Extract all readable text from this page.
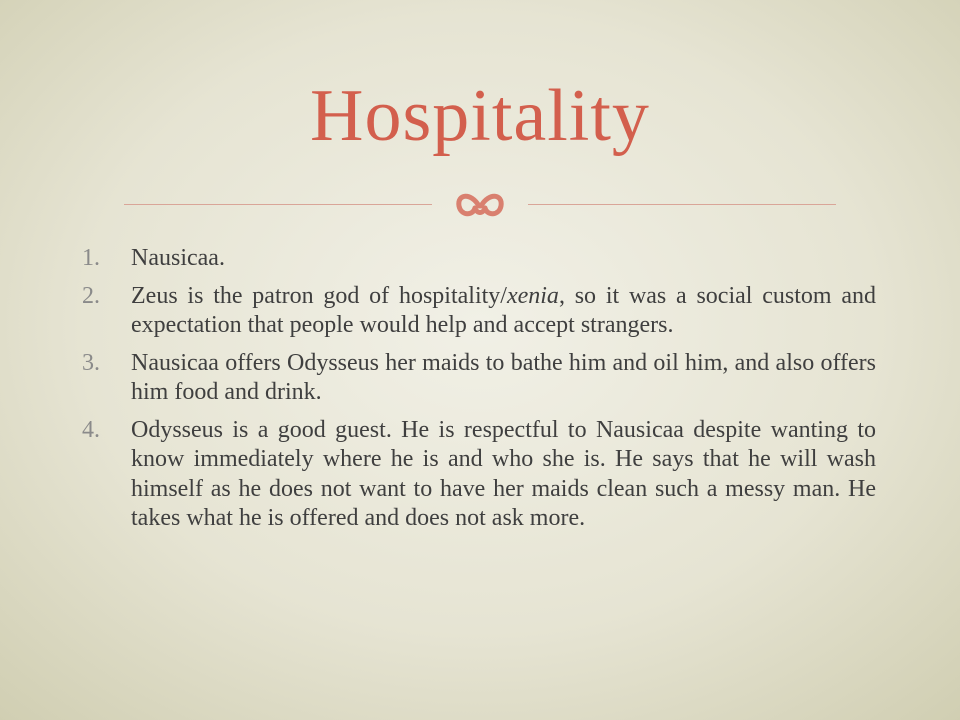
Hospitality
1. Nausicaa.
2. Zeus is the patron god of hospitality/xenia, so it was a social custom and expectation that people would help and accept strangers.
3. Nausicaa offers Odysseus her maids to bathe him and oil him, and also offers him food and drink.
4. Odysseus is a good guest. He is respectful to Nausicaa despite wanting to know immediately where he is and who she is. He says that he will wash himself as he does not want to have her maids clean such a messy man. He takes what he is offered and does not ask more.
